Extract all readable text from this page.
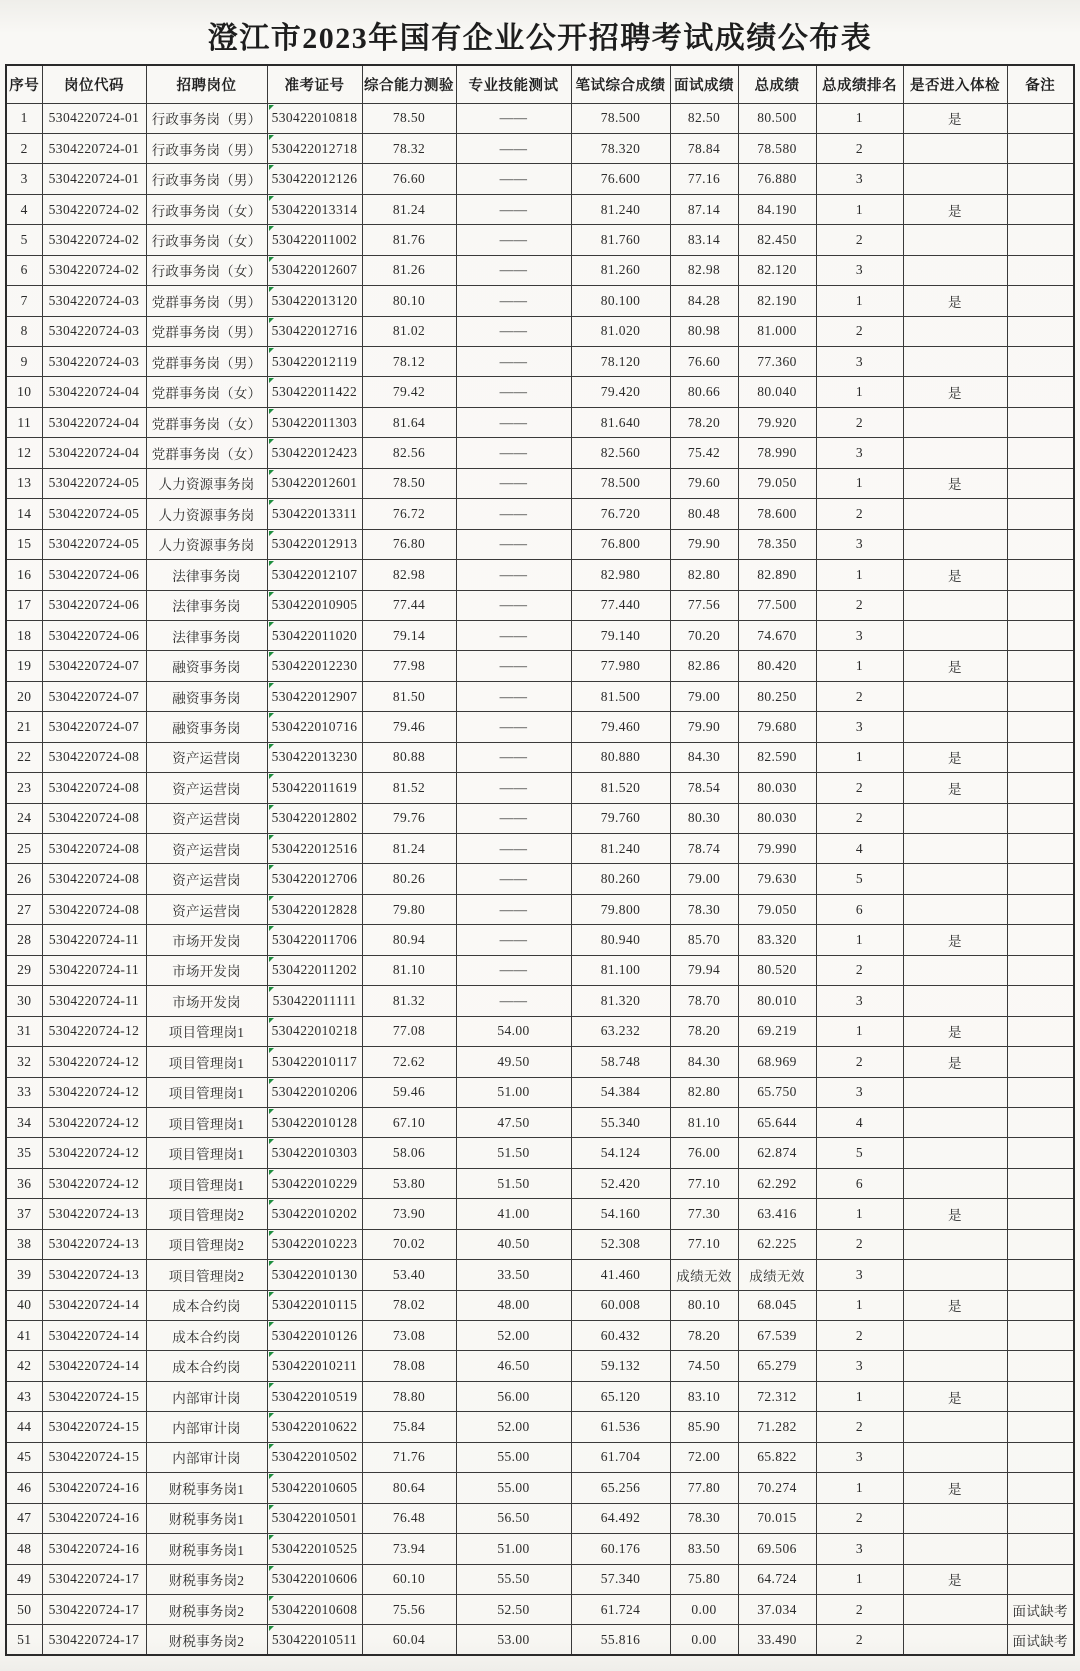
澄江市2023年国有企业公开招聘考试成绩公布表
序号	岗位代码	招聘岗位	准考证号	综合能力测验	专业技能测试	笔试综合成绩	面试成绩	总成绩	总成绩排名	是否进入体检	备注
1	5304220724-01	行政事务岗（男）	530422010818	78.50	——	78.500	82.50	80.500	1	是	
2	5304220724-01	行政事务岗（男）	530422012718	78.32	——	78.320	78.84	78.580	2		
3	5304220724-01	行政事务岗（男）	530422012126	76.60	——	76.600	77.16	76.880	3		
4	5304220724-02	行政事务岗（女）	530422013314	81.24	——	81.240	87.14	84.190	1	是	
5	5304220724-02	行政事务岗（女）	530422011002	81.76	——	81.760	83.14	82.450	2		
6	5304220724-02	行政事务岗（女）	530422012607	81.26	——	81.260	82.98	82.120	3		
7	5304220724-03	党群事务岗（男）	530422013120	80.10	——	80.100	84.28	82.190	1	是	
8	5304220724-03	党群事务岗（男）	530422012716	81.02	——	81.020	80.98	81.000	2		
9	5304220724-03	党群事务岗（男）	530422012119	78.12	——	78.120	76.60	77.360	3		
10	5304220724-04	党群事务岗（女）	530422011422	79.42	——	79.420	80.66	80.040	1	是	
11	5304220724-04	党群事务岗（女）	530422011303	81.64	——	81.640	78.20	79.920	2		
12	5304220724-04	党群事务岗（女）	530422012423	82.56	——	82.560	75.42	78.990	3		
13	5304220724-05	人力资源事务岗	530422012601	78.50	——	78.500	79.60	79.050	1	是	
14	5304220724-05	人力资源事务岗	530422013311	76.72	——	76.720	80.48	78.600	2		
15	5304220724-05	人力资源事务岗	530422012913	76.80	——	76.800	79.90	78.350	3		
16	5304220724-06	法律事务岗	530422012107	82.98	——	82.980	82.80	82.890	1	是	
17	5304220724-06	法律事务岗	530422010905	77.44	——	77.440	77.56	77.500	2		
18	5304220724-06	法律事务岗	530422011020	79.14	——	79.140	70.20	74.670	3		
19	5304220724-07	融资事务岗	530422012230	77.98	——	77.980	82.86	80.420	1	是	
20	5304220724-07	融资事务岗	530422012907	81.50	——	81.500	79.00	80.250	2		
21	5304220724-07	融资事务岗	530422010716	79.46	——	79.460	79.90	79.680	3		
22	5304220724-08	资产运营岗	530422013230	80.88	——	80.880	84.30	82.590	1	是	
23	5304220724-08	资产运营岗	530422011619	81.52	——	81.520	78.54	80.030	2	是	
24	5304220724-08	资产运营岗	530422012802	79.76	——	79.760	80.30	80.030	2		
25	5304220724-08	资产运营岗	530422012516	81.24	——	81.240	78.74	79.990	4		
26	5304220724-08	资产运营岗	530422012706	80.26	——	80.260	79.00	79.630	5		
27	5304220724-08	资产运营岗	530422012828	79.80	——	79.800	78.30	79.050	6		
28	5304220724-11	市场开发岗	530422011706	80.94	——	80.940	85.70	83.320	1	是	
29	5304220724-11	市场开发岗	530422011202	81.10	——	81.100	79.94	80.520	2		
30	5304220724-11	市场开发岗	530422011111	81.32	——	81.320	78.70	80.010	3		
31	5304220724-12	项目管理岗1	530422010218	77.08	54.00	63.232	78.20	69.219	1	是	
32	5304220724-12	项目管理岗1	530422010117	72.62	49.50	58.748	84.30	68.969	2	是	
33	5304220724-12	项目管理岗1	530422010206	59.46	51.00	54.384	82.80	65.750	3		
34	5304220724-12	项目管理岗1	530422010128	67.10	47.50	55.340	81.10	65.644	4		
35	5304220724-12	项目管理岗1	530422010303	58.06	51.50	54.124	76.00	62.874	5		
36	5304220724-12	项目管理岗1	530422010229	53.80	51.50	52.420	77.10	62.292	6		
37	5304220724-13	项目管理岗2	530422010202	73.90	41.00	54.160	77.30	63.416	1	是	
38	5304220724-13	项目管理岗2	530422010223	70.02	40.50	52.308	77.10	62.225	2		
39	5304220724-13	项目管理岗2	530422010130	53.40	33.50	41.460	成绩无效	成绩无效	3		
40	5304220724-14	成本合约岗	530422010115	78.02	48.00	60.008	80.10	68.045	1	是	
41	5304220724-14	成本合约岗	530422010126	73.08	52.00	60.432	78.20	67.539	2		
42	5304220724-14	成本合约岗	530422010211	78.08	46.50	59.132	74.50	65.279	3		
43	5304220724-15	内部审计岗	530422010519	78.80	56.00	65.120	83.10	72.312	1	是	
44	5304220724-15	内部审计岗	530422010622	75.84	52.00	61.536	85.90	71.282	2		
45	5304220724-15	内部审计岗	530422010502	71.76	55.00	61.704	72.00	65.822	3		
46	5304220724-16	财税事务岗1	530422010605	80.64	55.00	65.256	77.80	70.274	1	是	
47	5304220724-16	财税事务岗1	530422010501	76.48	56.50	64.492	78.30	70.015	2		
48	5304220724-16	财税事务岗1	530422010525	73.94	51.00	60.176	83.50	69.506	3		
49	5304220724-17	财税事务岗2	530422010606	60.10	55.50	57.340	75.80	64.724	1	是	
50	5304220724-17	财税事务岗2	530422010608	75.56	52.50	61.724	0.00	37.034	2		面试缺考
51	5304220724-17	财税事务岗2	530422010511	60.04	53.00	55.816	0.00	33.490	2		面试缺考
